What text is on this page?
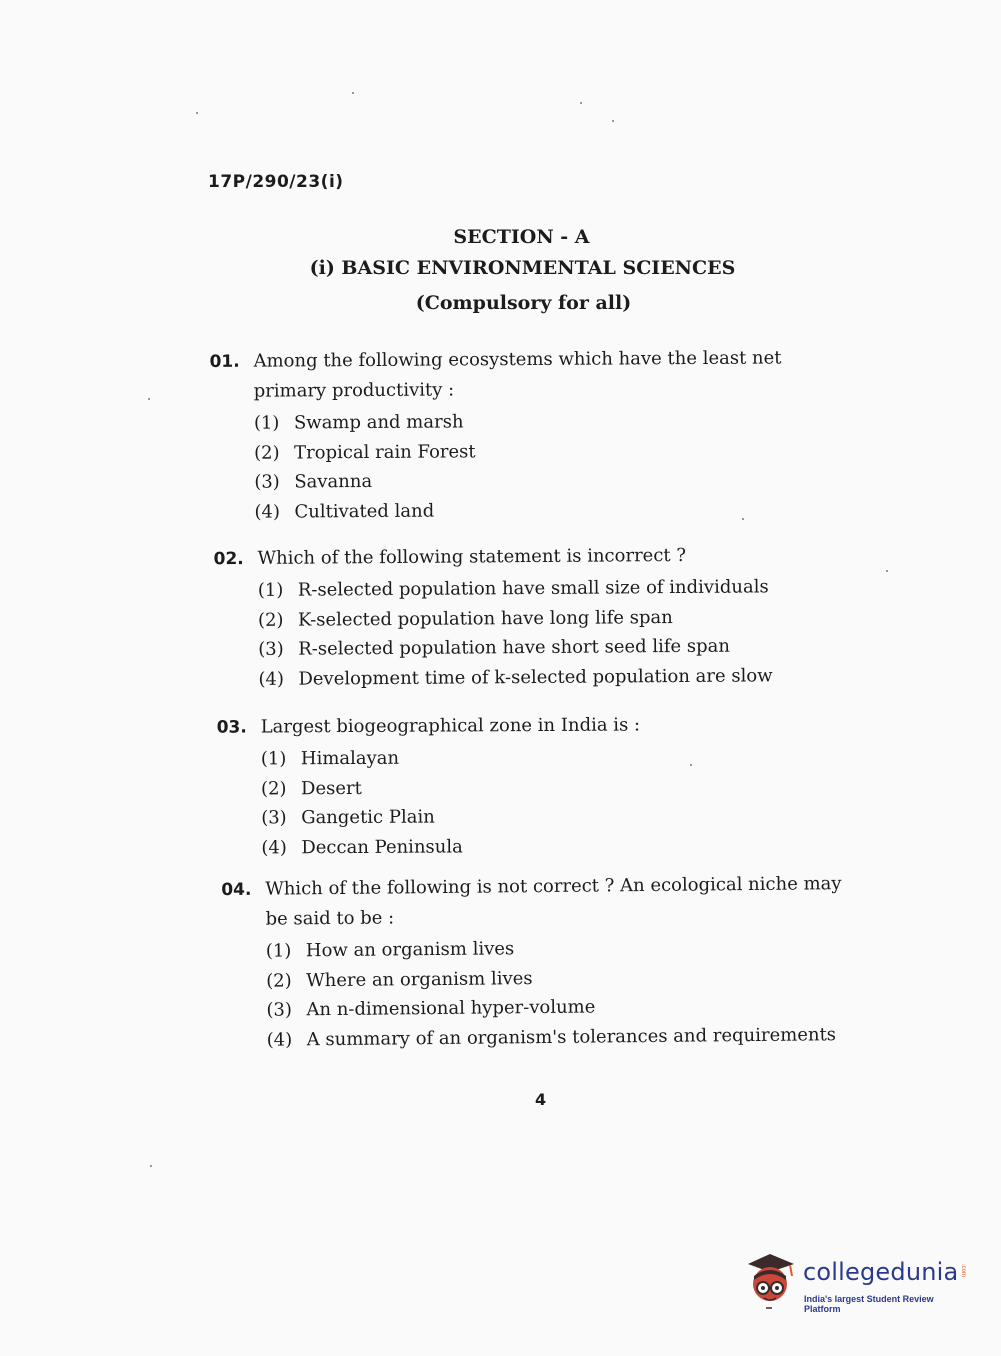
17P/290/23(i)
SECTION - A
(i) BASIC ENVIRONMENTAL SCIENCES
(Compulsory for all)
01. Among the following ecosystems which have the least net primary productivity :
(1) Swamp and marsh
(2) Tropical rain Forest
(3) Savanna
(4) Cultivated land
02. Which of the following statement is incorrect ?
(1) R-selected population have small size of individuals
(2) K-selected population have long life span
(3) R-selected population have short seed life span
(4) Development time of k-selected population are slow
03. Largest biogeographical zone in India is :
(1) Himalayan
(2) Desert
(3) Gangetic Plain
(4) Deccan Peninsula
04. Which of the following is not correct ? An ecological niche may be said to be :
(1) How an organism lives
(2) Where an organism lives
(3) An n-dimensional hyper-volume
(4) A summary of an organism's tolerances and requirements
4
collegedunia .com
India's largest Student Review Platform
